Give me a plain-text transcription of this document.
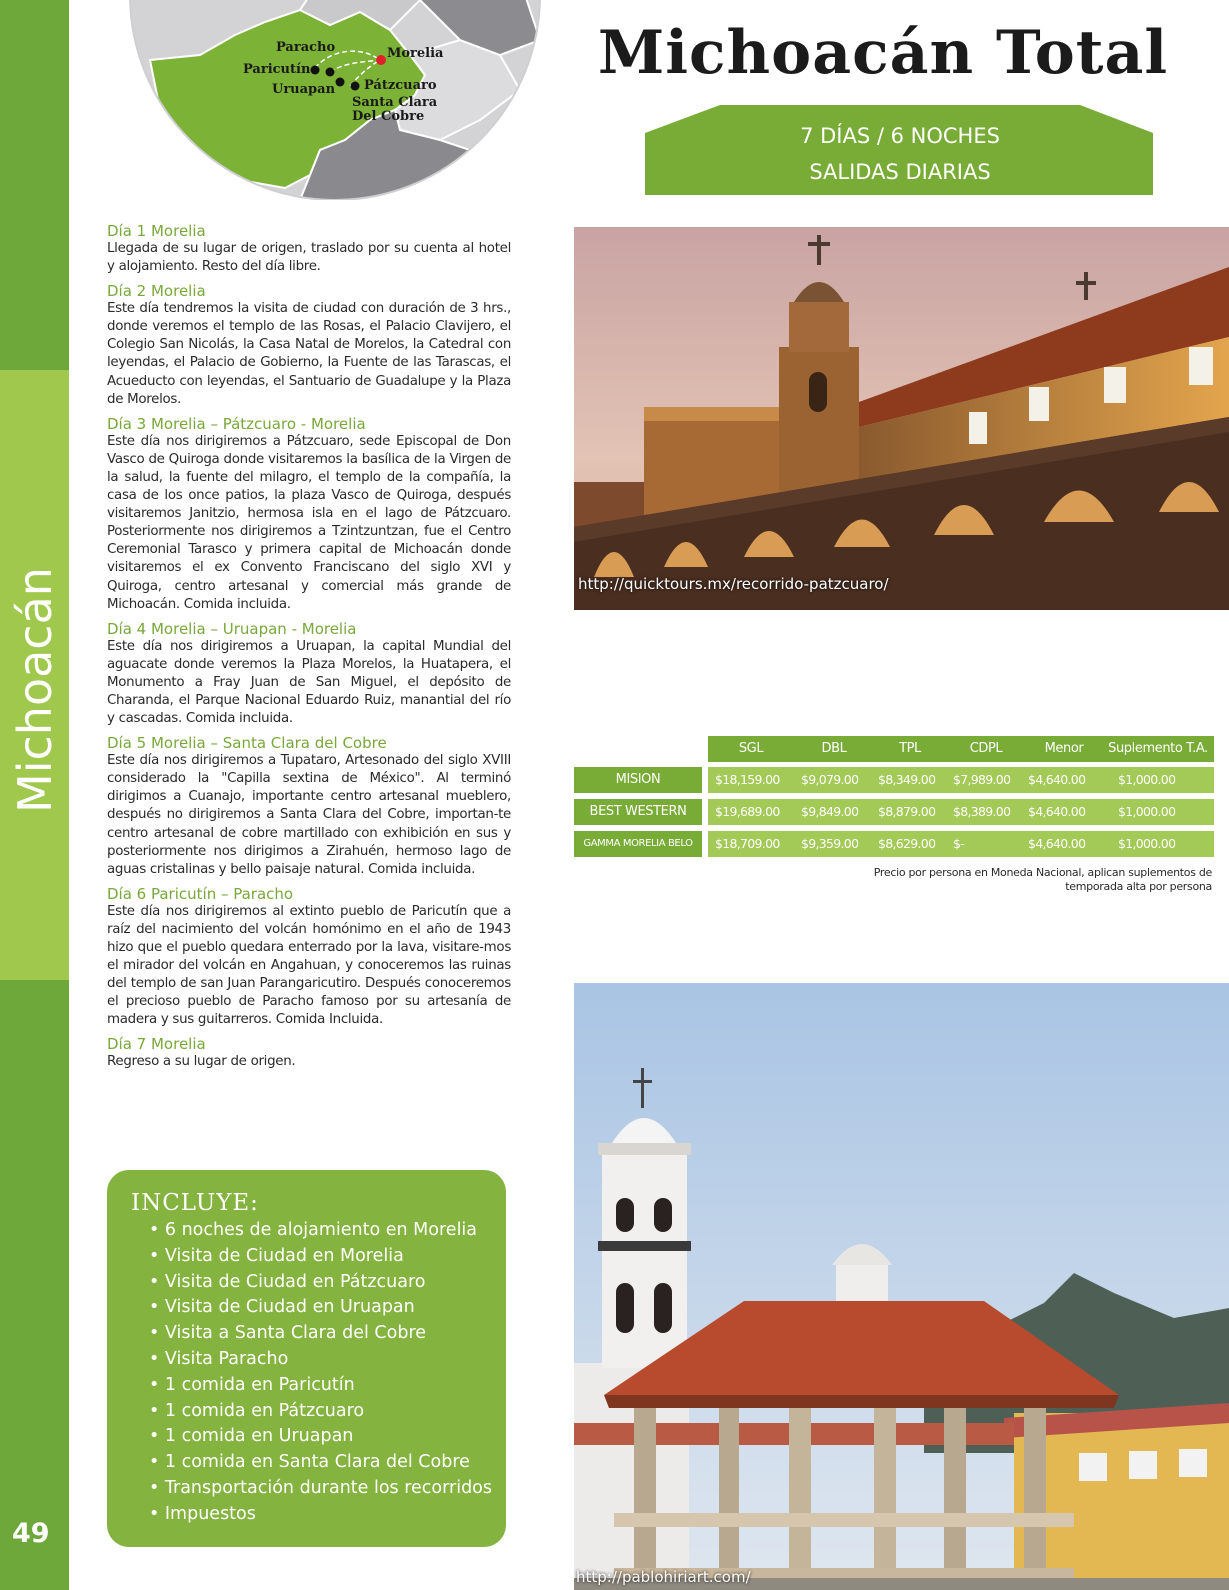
Michoacán
49
Paracho
Paricutín
Uruapan
Morelia
Pátzcuaro
Santa Clara
Del Cobre
Michoacán Total
7 DÍAS / 6 NOCHES
SALIDAS DIARIAS
Día 1 Morelia
Llegada de su lugar de origen, traslado por su cuenta al hotel y alojamiento. Resto del día libre.
Día 2 Morelia
Este día tendremos la visita de ciudad con duración de 3 hrs., donde veremos el templo de las Rosas, el Palacio Clavijero, el Colegio San Nicolás, la Casa Natal de Morelos, la Catedral con leyendas, el Palacio de Gobierno, la Fuente de las Tarascas, el Acueducto con leyendas, el Santuario de Guadalupe y la Plaza de Morelos.
Día 3 Morelia – Pátzcuaro - Morelia
Este día nos dirigiremos a Pátzcuaro, sede Episcopal de Don Vasco de Quiroga donde visitaremos la basílica de la Virgen de la salud, la fuente del milagro, el templo de la compañía, la casa de los once patios, la plaza Vasco de Quiroga, después visitaremos Janitzio, hermosa isla en el lago de Pátzcuaro. Posteriormente nos dirigiremos a Tzintzuntzan, fue el Centro Ceremonial Tarasco y primera capital de Michoacán donde visitaremos el ex Convento Franciscano del siglo XVI y Quiroga, centro artesanal y comercial más grande de Michoacán. Comida incluida.
Día 4 Morelia – Uruapan - Morelia
Este día nos dirigiremos a Uruapan, la capital Mundial del aguacate donde veremos la Plaza Morelos, la Huatapera, el Monumento a Fray Juan de San Miguel, el depósito de Charanda, el Parque Nacional Eduardo Ruiz, manantial del río y cascadas. Comida incluida.
Día 5 Morelia – Santa Clara del Cobre
Este día nos dirigiremos a Tupataro, Artesonado del siglo XVIII considerado la "Capilla sextina de México". Al terminó dirigimos a Cuanajo, importante centro artesanal mueblero, después no dirigiremos a Santa Clara del Cobre, importan-te centro artesanal de cobre martillado con exhibición en sus y posteriormente nos dirigimos a Zirahuén, hermoso lago de aguas cristalinas y bello paisaje natural. Comida incluida.
Día 6 Paricutín – Paracho
Este día nos dirigiremos al extinto pueblo de Paricutín que a raíz del nacimiento del volcán homónimo en el año de 1943 hizo que el pueblo quedara enterrado por la lava, visitare-mos el mirador del volcán en Angahuan, y conoceremos las ruinas del templo de san Juan Parangaricutiro. Después conoceremos el precioso pueblo de Paracho famoso por su artesanía de madera y sus guitarreros. Comida Incluida.
Día 7 Morelia
Regreso a su lugar de origen.
INCLUYE:
• 6 noches de alojamiento en Morelia
• Visita de Ciudad en Morelia
• Visita de Ciudad en Pátzcuaro
• Visita de Ciudad en Uruapan
• Visita a Santa Clara del Cobre
• Visita Paracho
• 1 comida en Paricutín
• 1 comida en Pátzcuaro
• 1 comida en Uruapan
• 1 comida en Santa Clara del Cobre
• Transportación durante los recorridos
• Impuestos
http://quicktours.mx/recorrido-patzcuaro/
SGL	DBL	TPL	CDPL	Menor	Suplemento T.A.
MISION	$18,159.00 $9,079.00 $8,349.00 $7,989.00 $4,640.00	$1,000.00
BEST WESTERN	$19,689.00 $9,849.00 $8,879.00 $8,389.00 $4,640.00	$1,000.00
GAMMA MORELIA BELO	$18,709.00 $9,359.00 $8,629.00 $-	$4,640.00	$1,000.00
Precio por persona en Moneda Nacional, aplican suplementos de
temporada alta por persona
http://pablohiriart.com/
